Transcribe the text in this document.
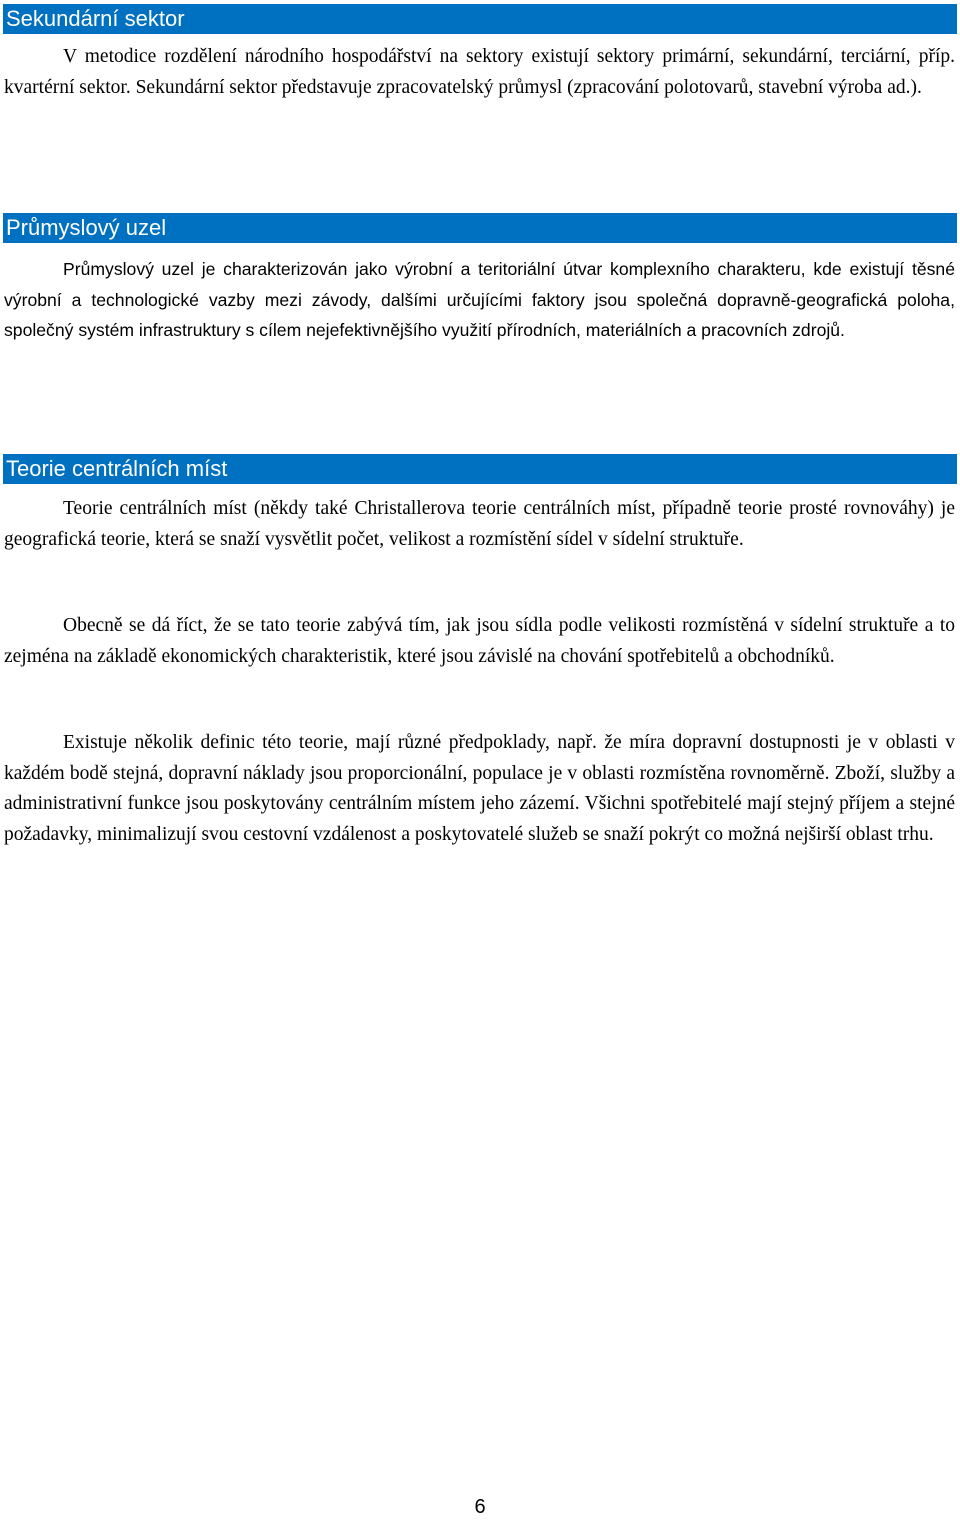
Sekundární sektor

V metodice rozdělení národního hospodářství na sektory existují sektory primární, sekundární, terciární, příp. kvartérní sektor. Sekundární sektor představuje zpracovatelský průmysl (zpracování polotovarů, stavební výroba ad.).

Průmyslový uzel

Průmyslový uzel je charakterizován jako výrobní a teritoriální útvar komplexního charakteru, kde existují těsné výrobní a technologické vazby mezi závody, dalšími určujícími faktory jsou společná dopravně-geografická poloha, společný systém infrastruktury s cílem nejefektivnějšího využití přírodních, materiálních a pracovních zdrojů.

Teorie centrálních míst

Teorie centrálních míst (někdy také Christallerova teorie centrálních míst, případně teorie prosté rovnováhy) je geografická teorie, která se snaží vysvětlit počet, velikost a rozmístění sídel v sídelní struktuře.

Obecně se dá říct, že se tato teorie zabývá tím, jak jsou sídla podle velikosti rozmístěná v sídelní struktuře a to zejména na základě ekonomických charakteristik, které jsou závislé na chování spotřebitelů a obchodníků.

Existuje několik definic této teorie, mají různé předpoklady, např. že míra dopravní dostupnosti je v oblasti v každém bodě stejná, dopravní náklady jsou proporcionální, populace je v oblasti rozmístěna rovnoměrně. Zboží, služby a administrativní funkce jsou poskytovány centrálním místem jeho zázemí. Všichni spotřebitelé mají stejný příjem a stejné požadavky, minimalizují svou cestovní vzdálenost a poskytovatelé služeb se snaží pokrýt co možná nejširší oblast trhu.

6
